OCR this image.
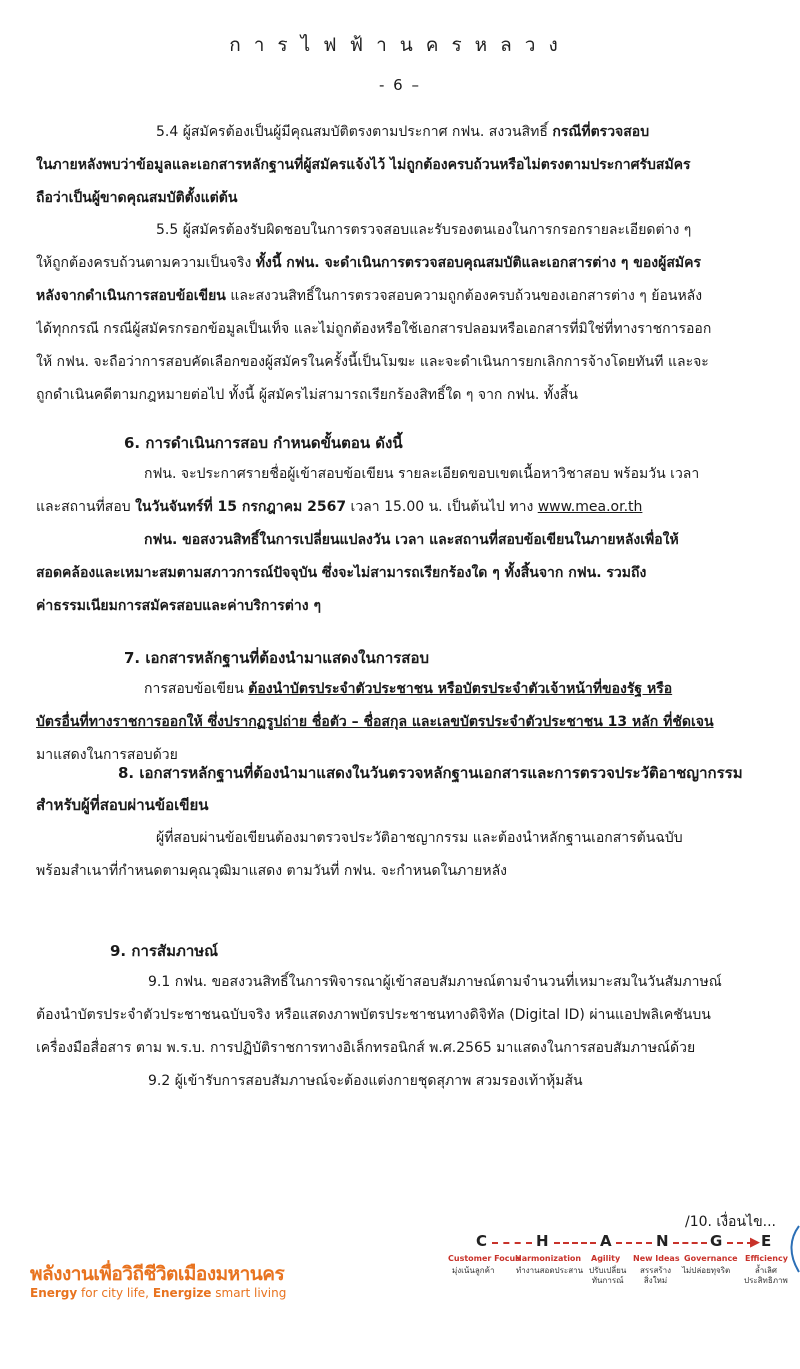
การไฟฟ้านครหลวง
- 6 –
5.4 ผู้สมัครต้องเป็นผู้มีคุณสมบัติตรงตามประกาศ กฟน. สงวนสิทธิ์ กรณีที่ตรวจสอบ
ในภายหลังพบว่าข้อมูลและเอกสารหลักฐานที่ผู้สมัครแจ้งไว้ ไม่ถูกต้องครบถ้วนหรือไม่ตรงตามประกาศรับสมัคร
ถือว่าเป็นผู้ขาดคุณสมบัติตั้งแต่ต้น
5.5 ผู้สมัครต้องรับผิดชอบในการตรวจสอบและรับรองตนเองในการกรอกรายละเอียดต่าง ๆ
ให้ถูกต้องครบถ้วนตามความเป็นจริง ทั้งนี้ กฟน. จะดำเนินการตรวจสอบคุณสมบัติและเอกสารต่าง ๆ ของผู้สมัคร
หลังจากดำเนินการสอบข้อเขียน และสงวนสิทธิ์ในการตรวจสอบความถูกต้องครบถ้วนของเอกสารต่าง ๆ ย้อนหลัง
ได้ทุกกรณี กรณีผู้สมัครกรอกข้อมูลเป็นเท็จ และไม่ถูกต้องหรือใช้เอกสารปลอมหรือเอกสารที่มิใช่ที่ทางราชการออก
ให้ กฟน. จะถือว่าการสอบคัดเลือกของผู้สมัครในครั้งนี้เป็นโมฆะ และจะดำเนินการยกเลิกการจ้างโดยทันที และจะ
ถูกดำเนินคดีตามกฎหมายต่อไป ทั้งนี้ ผู้สมัครไม่สามารถเรียกร้องสิทธิ์ใด ๆ จาก กฟน. ทั้งสิ้น
6. การดำเนินการสอบ กำหนดขั้นตอน ดังนี้
กฟน. จะประกาศรายชื่อผู้เข้าสอบข้อเขียน รายละเอียดขอบเขตเนื้อหาวิชาสอบ พร้อมวัน เวลา
และสถานที่สอบ ในวันจันทร์ที่ 15 กรกฎาคม 2567 เวลา 15.00 น. เป็นต้นไป ทาง www.mea.or.th
กฟน. ขอสงวนสิทธิ์ในการเปลี่ยนแปลงวัน เวลา และสถานที่สอบข้อเขียนในภายหลังเพื่อให้
สอดคล้องและเหมาะสมตามสภาวการณ์ปัจจุบัน ซึ่งจะไม่สามารถเรียกร้องใด ๆ ทั้งสิ้นจาก กฟน. รวมถึง
ค่าธรรมเนียมการสมัครสอบและค่าบริการต่าง ๆ
7. เอกสารหลักฐานที่ต้องนำมาแสดงในการสอบ
การสอบข้อเขียน ต้องนำบัตรประจำตัวประชาชน หรือบัตรประจำตัวเจ้าหน้าที่ของรัฐ หรือ
บัตรอื่นที่ทางราชการออกให้ ซึ่งปรากฏรูปถ่าย ชื่อตัว – ชื่อสกุล และเลขบัตรประจำตัวประชาชน 13 หลัก ที่ชัดเจน
มาแสดงในการสอบด้วย
8. เอกสารหลักฐานที่ต้องนำมาแสดงในวันตรวจหลักฐานเอกสารและการตรวจประวัติอาชญากรรม
สำหรับผู้ที่สอบผ่านข้อเขียน
ผู้ที่สอบผ่านข้อเขียนต้องมาตรวจประวัติอาชญากรรม และต้องนำหลักฐานเอกสารต้นฉบับ
พร้อมสำเนาที่กำหนดตามคุณวุฒิมาแสดง ตามวันที่ กฟน. จะกำหนดในภายหลัง
9. การสัมภาษณ์
9.1 กฟน. ขอสงวนสิทธิ์ในการพิจารณาผู้เข้าสอบสัมภาษณ์ตามจำนวนที่เหมาะสมในวันสัมภาษณ์
ต้องนำบัตรประจำตัวประชาชนฉบับจริง หรือแสดงภาพบัตรประชาชนทางดิจิทัล (Digital ID) ผ่านแอปพลิเคชันบน
เครื่องมือสื่อสาร ตาม พ.ร.บ. การปฏิบัติราชการทางอิเล็กทรอนิกส์ พ.ศ.2565 มาแสดงในการสอบสัมภาษณ์ด้วย
9.2 ผู้เข้ารับการสอบสัมภาษณ์จะต้องแต่งกายชุดสุภาพ สวมรองเท้าหุ้มส้น
/10. เงื่อนไข...
พลังงานเพื่อวิถีชีวิตเมืองมหานคร
Energy for city life, Energize smart living
C	H	A	N	G ▶ E
Customer Focus
Harmonization Agility New Ideas Governance Efficiency
มุ่งเน้นลูกค้า	ทำงานสอดประสาน ปรับเปลี่ยน
ทันการณ์
สรรสร้าง
สิ่งใหม่
ไม่ปล่อยทุจริต	ล้ำเลิศ
ประสิทธิภาพ
